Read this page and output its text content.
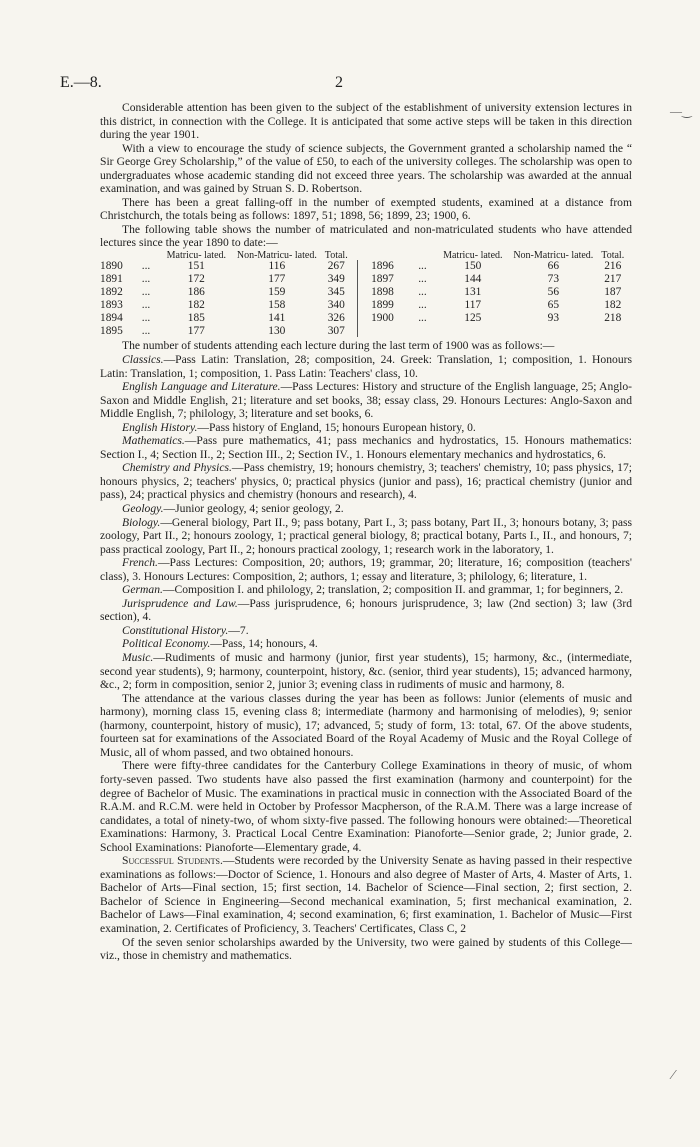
E.—8.	2
―‿
⁄

Considerable attention has been given to the subject of the establishment of university extension lectures in this district, in connection with the College. It is anticipated that some active steps will be taken in this direction during the year 1901.

With a view to encourage the study of science subjects, the Government granted a scholarship named the “ Sir George Grey Scholarship,” of the value of £50, to each of the university colleges. The scholarship was open to undergraduates whose academic standing did not exceed three years. The scholarship was awarded at the annual examination, and was gained by Struan S. D. Robertson.

There has been a great falling-off in the number of exempted students, examined at a distance from Christchurch, the totals being as follows: 1897, 51; 1898, 56; 1899, 23; 1900, 6.

The following table shows the number of matriculated and non-matriculated students who have attended lectures since the year 1890 to date:—

		Matricu- lated.	Non-Matricu- lated.	Total.				Matricu- lated.	Non-Matricu- lated.	Total.
1890	...	151	116	267		1896	...	150	66	216
1891	...	172	177	349		1897	...	144	73	217
1892	...	186	159	345		1898	...	131	56	187
1893	...	182	158	340		1899	...	117	65	182
1894	...	185	141	326		1900	...	125	93	218
1895	...	177	130	307						

The number of students attending each lecture during the last term of 1900 was as follows:—

Classics.—Pass Latin: Translation, 28; composition, 24. Greek: Translation, 1; composition, 1. Honours Latin: Translation, 1; composition, 1. Pass Latin: Teachers' class, 10.

English Language and Literature.—Pass Lectures: History and structure of the English language, 25; Anglo-Saxon and Middle English, 21; literature and set books, 38; essay class, 29. Honours Lectures: Anglo-Saxon and Middle English, 7; philology, 3; literature and set books, 6.

English History.—Pass history of England, 15; honours European history, 0.

Mathematics.—Pass pure mathematics, 41; pass mechanics and hydrostatics, 15. Honours mathematics: Section I., 4; Section II., 2; Section III., 2; Section IV., 1. Honours elementary mechanics and hydrostatics, 6.

Chemistry and Physics.—Pass chemistry, 19; honours chemistry, 3; teachers' chemistry, 10; pass physics, 17; honours physics, 2; teachers' physics, 0; practical physics (junior and pass), 16; practical chemistry (junior and pass), 24; practical physics and chemistry (honours and research), 4.

Geology.—Junior geology, 4; senior geology, 2.

Biology.—General biology, Part II., 9; pass botany, Part I., 3; pass botany, Part II., 3; honours botany, 3; pass zoology, Part II., 2; honours zoology, 1; practical general biology, 8; practical botany, Parts I., II., and honours, 7; pass practical zoology, Part II., 2; honours practical zoology, 1; research work in the laboratory, 1.

French.—Pass Lectures: Composition, 20; authors, 19; grammar, 20; literature, 16; composition (teachers' class), 3. Honours Lectures: Composition, 2; authors, 1; essay and literature, 3; philology, 6; literature, 1.

German.—Composition I. and philology, 2; translation, 2; composition II. and grammar, 1; for beginners, 2.

Jurisprudence and Law.—Pass jurisprudence, 6; honours jurisprudence, 3; law (2nd section) 3; law (3rd section), 4.

Constitutional History.—7.

Political Economy.—Pass, 14; honours, 4.

Music.—Rudiments of music and harmony (junior, first year students), 15; harmony, &c., (intermediate, second year students), 9; harmony, counterpoint, history, &c. (senior, third year students), 15; advanced harmony, &c., 2; form in composition, senior 2, junior 3; evening class in rudiments of music and harmony, 8.

The attendance at the various classes during the year has been as follows: Junior (elements of music and harmony), morning class 15, evening class 8; intermediate (harmony and harmonising of melodies), 9; senior (harmony, counterpoint, history of music), 17; advanced, 5; study of form, 13: total, 67. Of the above students, fourteen sat for examinations of the Associated Board of the Royal Academy of Music and the Royal College of Music, all of whom passed, and two obtained honours.

There were fifty-three candidates for the Canterbury College Examinations in theory of music, of whom forty-seven passed. Two students have also passed the first examination (harmony and counterpoint) for the degree of Bachelor of Music. The examinations in practical music in connection with the Associated Board of the R.A.M. and R.C.M. were held in October by Professor Macpherson, of the R.A.M. There was a large increase of candidates, a total of ninety-two, of whom sixty-five passed. The following honours were obtained:—Theoretical Examinations: Harmony, 3. Practical Local Centre Examination: Pianoforte—Senior grade, 2; Junior grade, 2. School Examinations: Pianoforte—Elementary grade, 4.

Successful Students.—Students were recorded by the University Senate as having passed in their respective examinations as follows:—Doctor of Science, 1. Honours and also degree of Master of Arts, 4. Master of Arts, 1. Bachelor of Arts—Final section, 15; first section, 14. Bachelor of Science—Final section, 2; first section, 2. Bachelor of Science in Engineering—Second mechanical examination, 5; first mechanical examination, 2. Bachelor of Laws—Final examination, 4; second examination, 6; first examination, 1. Bachelor of Music—First examination, 2. Certificates of Proficiency, 3. Teachers' Certificates, Class C, 2

Of the seven senior scholarships awarded by the University, two were gained by students of this College—viz., those in chemistry and mathematics.
